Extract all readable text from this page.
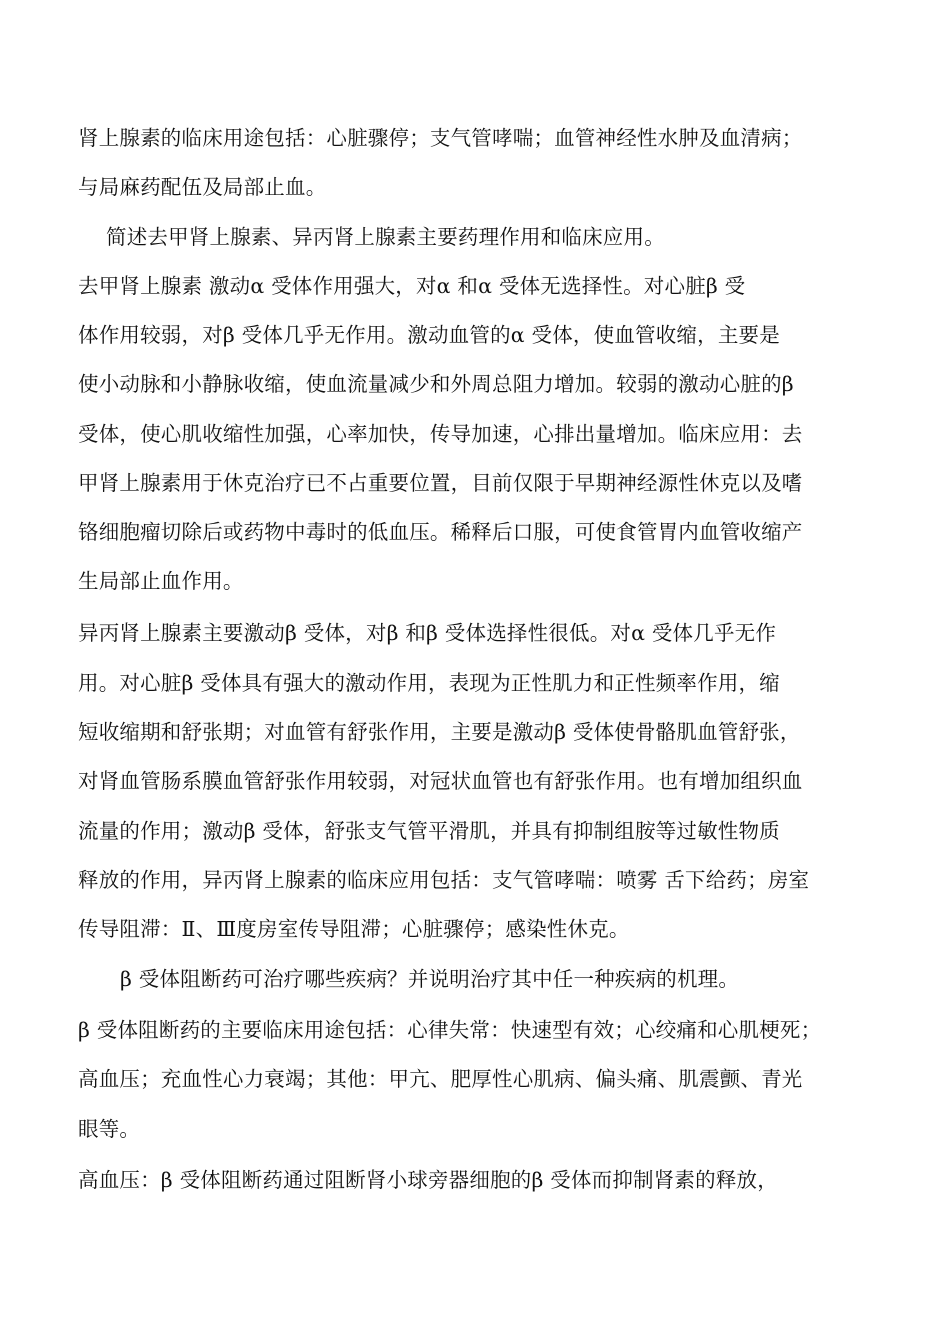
肾上腺素的临床用途包括：心脏骤停；支气管哮喘；血管神经性水肿及血清病；
与局麻药配伍及局部止血。
简述去甲肾上腺素、异丙肾上腺素主要药理作用和临床应用。
去甲肾上腺素 激动α 受体作用强大，对α 和α 受体无选择性。对心脏β 受
体作用较弱，对β 受体几乎无作用。激动血管的α 受体，使血管收缩，主要是
使小动脉和小静脉收缩，使血流量减少和外周总阻力增加。较弱的激动心脏的β
受体，使心肌收缩性加强，心率加快，传导加速，心排出量增加。临床应用：去
甲肾上腺素用于休克治疗已不占重要位置，目前仅限于早期神经源性休克以及嗜
铬细胞瘤切除后或药物中毒时的低血压。稀释后口服，可使食管胃内血管收缩产
生局部止血作用。
异丙肾上腺素主要激动β 受体，对β 和β 受体选择性很低。对α 受体几乎无作
用。对心脏β 受体具有强大的激动作用，表现为正性肌力和正性频率作用，缩
短收缩期和舒张期；对血管有舒张作用，主要是激动β 受体使骨骼肌血管舒张，
对肾血管肠系膜血管舒张作用较弱，对冠状血管也有舒张作用。也有增加组织血
流量的作用；激动β 受体，舒张支气管平滑肌，并具有抑制组胺等过敏性物质
释放的作用，异丙肾上腺素的临床应用包括：支气管哮喘：喷雾 舌下给药；房室
传导阻滞：Ⅱ、Ⅲ度房室传导阻滞；心脏骤停；感染性休克。
β 受体阻断药可治疗哪些疾病？并说明治疗其中任一种疾病的机理。
β 受体阻断药的主要临床用途包括：心律失常：快速型有效；心绞痛和心肌梗死；
高血压；充血性心力衰竭；其他：甲亢、肥厚性心肌病、偏头痛、肌震颤、青光
眼等。
高血压：β 受体阻断药通过阻断肾小球旁器细胞的β 受体而抑制肾素的释放，
